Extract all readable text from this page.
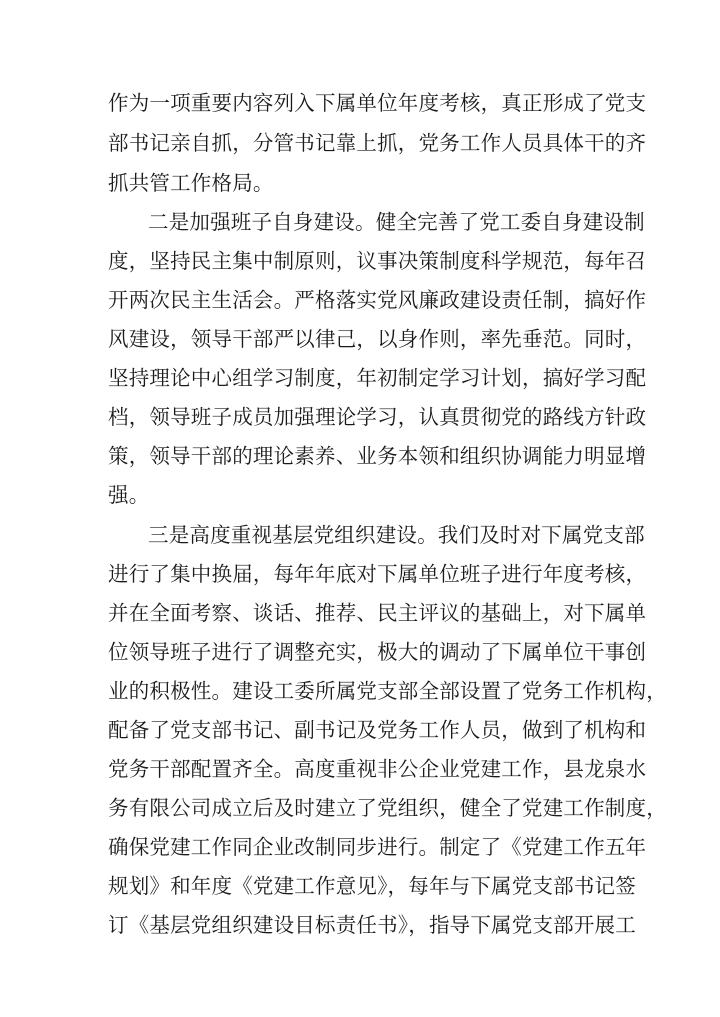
作为一项重要内容列入下属单位年度考核，真正形成了党支
部书记亲自抓，分管书记靠上抓，党务工作人员具体干的齐
抓共管工作格局。
二是加强班子自身建设。健全完善了党工委自身建设制
度，坚持民主集中制原则，议事决策制度科学规范，每年召
开两次民主生活会。严格落实党风廉政建设责任制，搞好作
风建设，领导干部严以律己，以身作则，率先垂范。同时，
坚持理论中心组学习制度，年初制定学习计划，搞好学习配
档，领导班子成员加强理论学习，认真贯彻党的路线方针政
策，领导干部的理论素养、业务本领和组织协调能力明显增
强。
三是高度重视基层党组织建设。我们及时对下属党支部
进行了集中换届，每年年底对下属单位班子进行年度考核，
并在全面考察、谈话、推荐、民主评议的基础上，对下属单
位领导班子进行了调整充实，极大的调动了下属单位干事创
业的积极性。建设工委所属党支部全部设置了党务工作机构，
配备了党支部书记、副书记及党务工作人员，做到了机构和
党务干部配置齐全。高度重视非公企业党建工作，县龙泉水
务有限公司成立后及时建立了党组织，健全了党建工作制度，
确保党建工作同企业改制同步进行。制定了《党建工作五年
规划》和年度《党建工作意见》，每年与下属党支部书记签
订《基层党组织建设目标责任书》，指导下属党支部开展工
